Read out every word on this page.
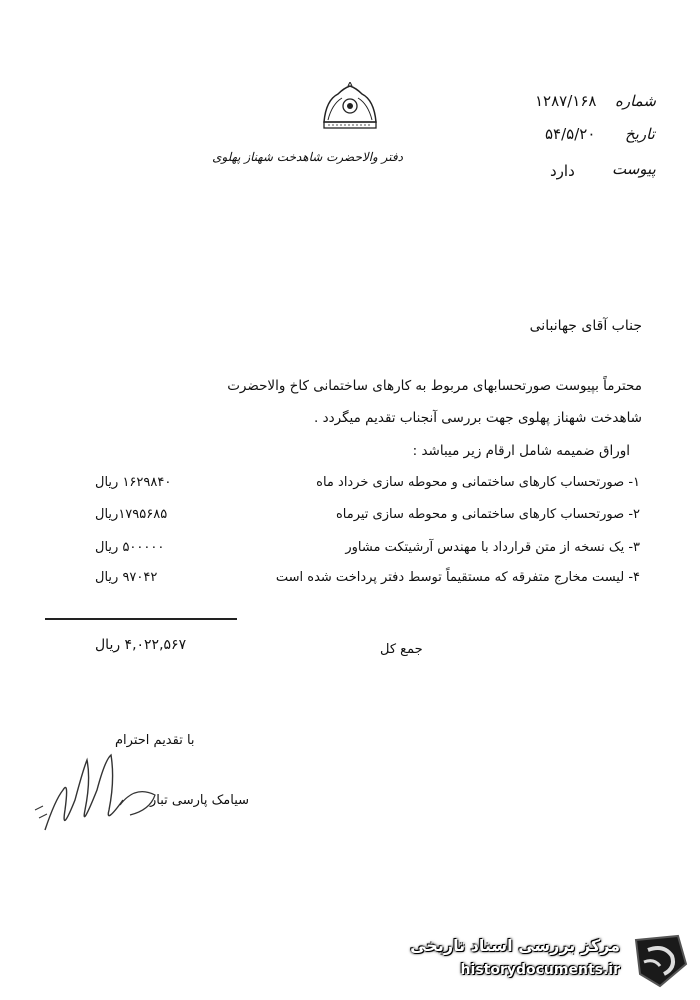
دفتر والاحضرت شاهدخت شهناز پهلوی
شماره
۱۲۸۷/۱۶۸
تاریخ
۵۴/۵/۲۰
پیوست
دارد
جناب آقای جهانبانی
محترماً بپیوست صورتحسابهای مربوط به کارهای ساختمانی کاخ والاحضرت
شاهدخت شهناز پهلوی جهت بررسی آنجناب تقدیم میگردد .
اوراق ضمیمه شامل ارقام زیر میباشد :
۱- صورتحساب کارهای ساختمانی و محوطه سازی خرداد ماه
۱۶۲۹۸۴۰ ریال
۲- صورتحساب کارهای ساختمانی و محوطه سازی تیرماه
۱۷۹۵۶۸۵ریال
۳- یک نسخه از متن قرارداد با مهندس آرشیتکت مشاور
۵۰۰۰۰۰ ریال
۴- لیست مخارج متفرقه که مستقیماً توسط دفتر پرداخت شده است
۹۷۰۴۲ ریال
جمع کل
۴,۰۲۲,۵۶۷ ریال
با تقدیم احترام
سیامک پارسی تبار
مرکز بررسی اسناد تاریخی
historydocuments.ir
